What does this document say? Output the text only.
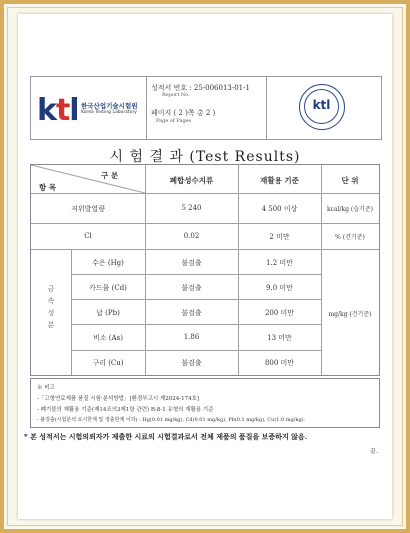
ktl 한국산업기술시험원
Korea Testing Laboratory
성적서 번호 : 25-006013-01-1
Report No.
페이지 ( 2 )쪽 총 2 )
Page of Pages
ktl
시 험 결 과 (Test Results)
구 분
항 목
폐합성수지류	재활용 기준	단 위
저위발열량	5 240	4 500 이상	kcal/kg (습기준)
Cl	0.02	2 미만	% (건기준)
금
속
성
분
mg/kg (건기준)
수은 (Hg)	불검출	1.2 미만
카드뮴 (Cd)	불검출	9.0 미만
납 (Pb)	불검출	200 미만
비소 (As)	1.86	13 미만
구리 (Cu)	불검출	800 미만
※ 비고
-「고형연료제품 품질 시험·분석방법」[환경부고시 제2024-174호]
- 폐기물의 재활용 기준(제14조의3제1항 관련) R-8-1 유형의 재활용 기준
- 불검출(시험분석 로시한계 및 정출한계 이하) : Hg(0.01 mg/kg), Cd(0.01 mg/kg), Pb(0.1 mg/kg), Cu(1.0 mg/kg).
* 본 성적서는 시험의뢰자가 제출한 시료의 시험결과로서 전체 제품의 품질을 보증하지 않음.
끝.
